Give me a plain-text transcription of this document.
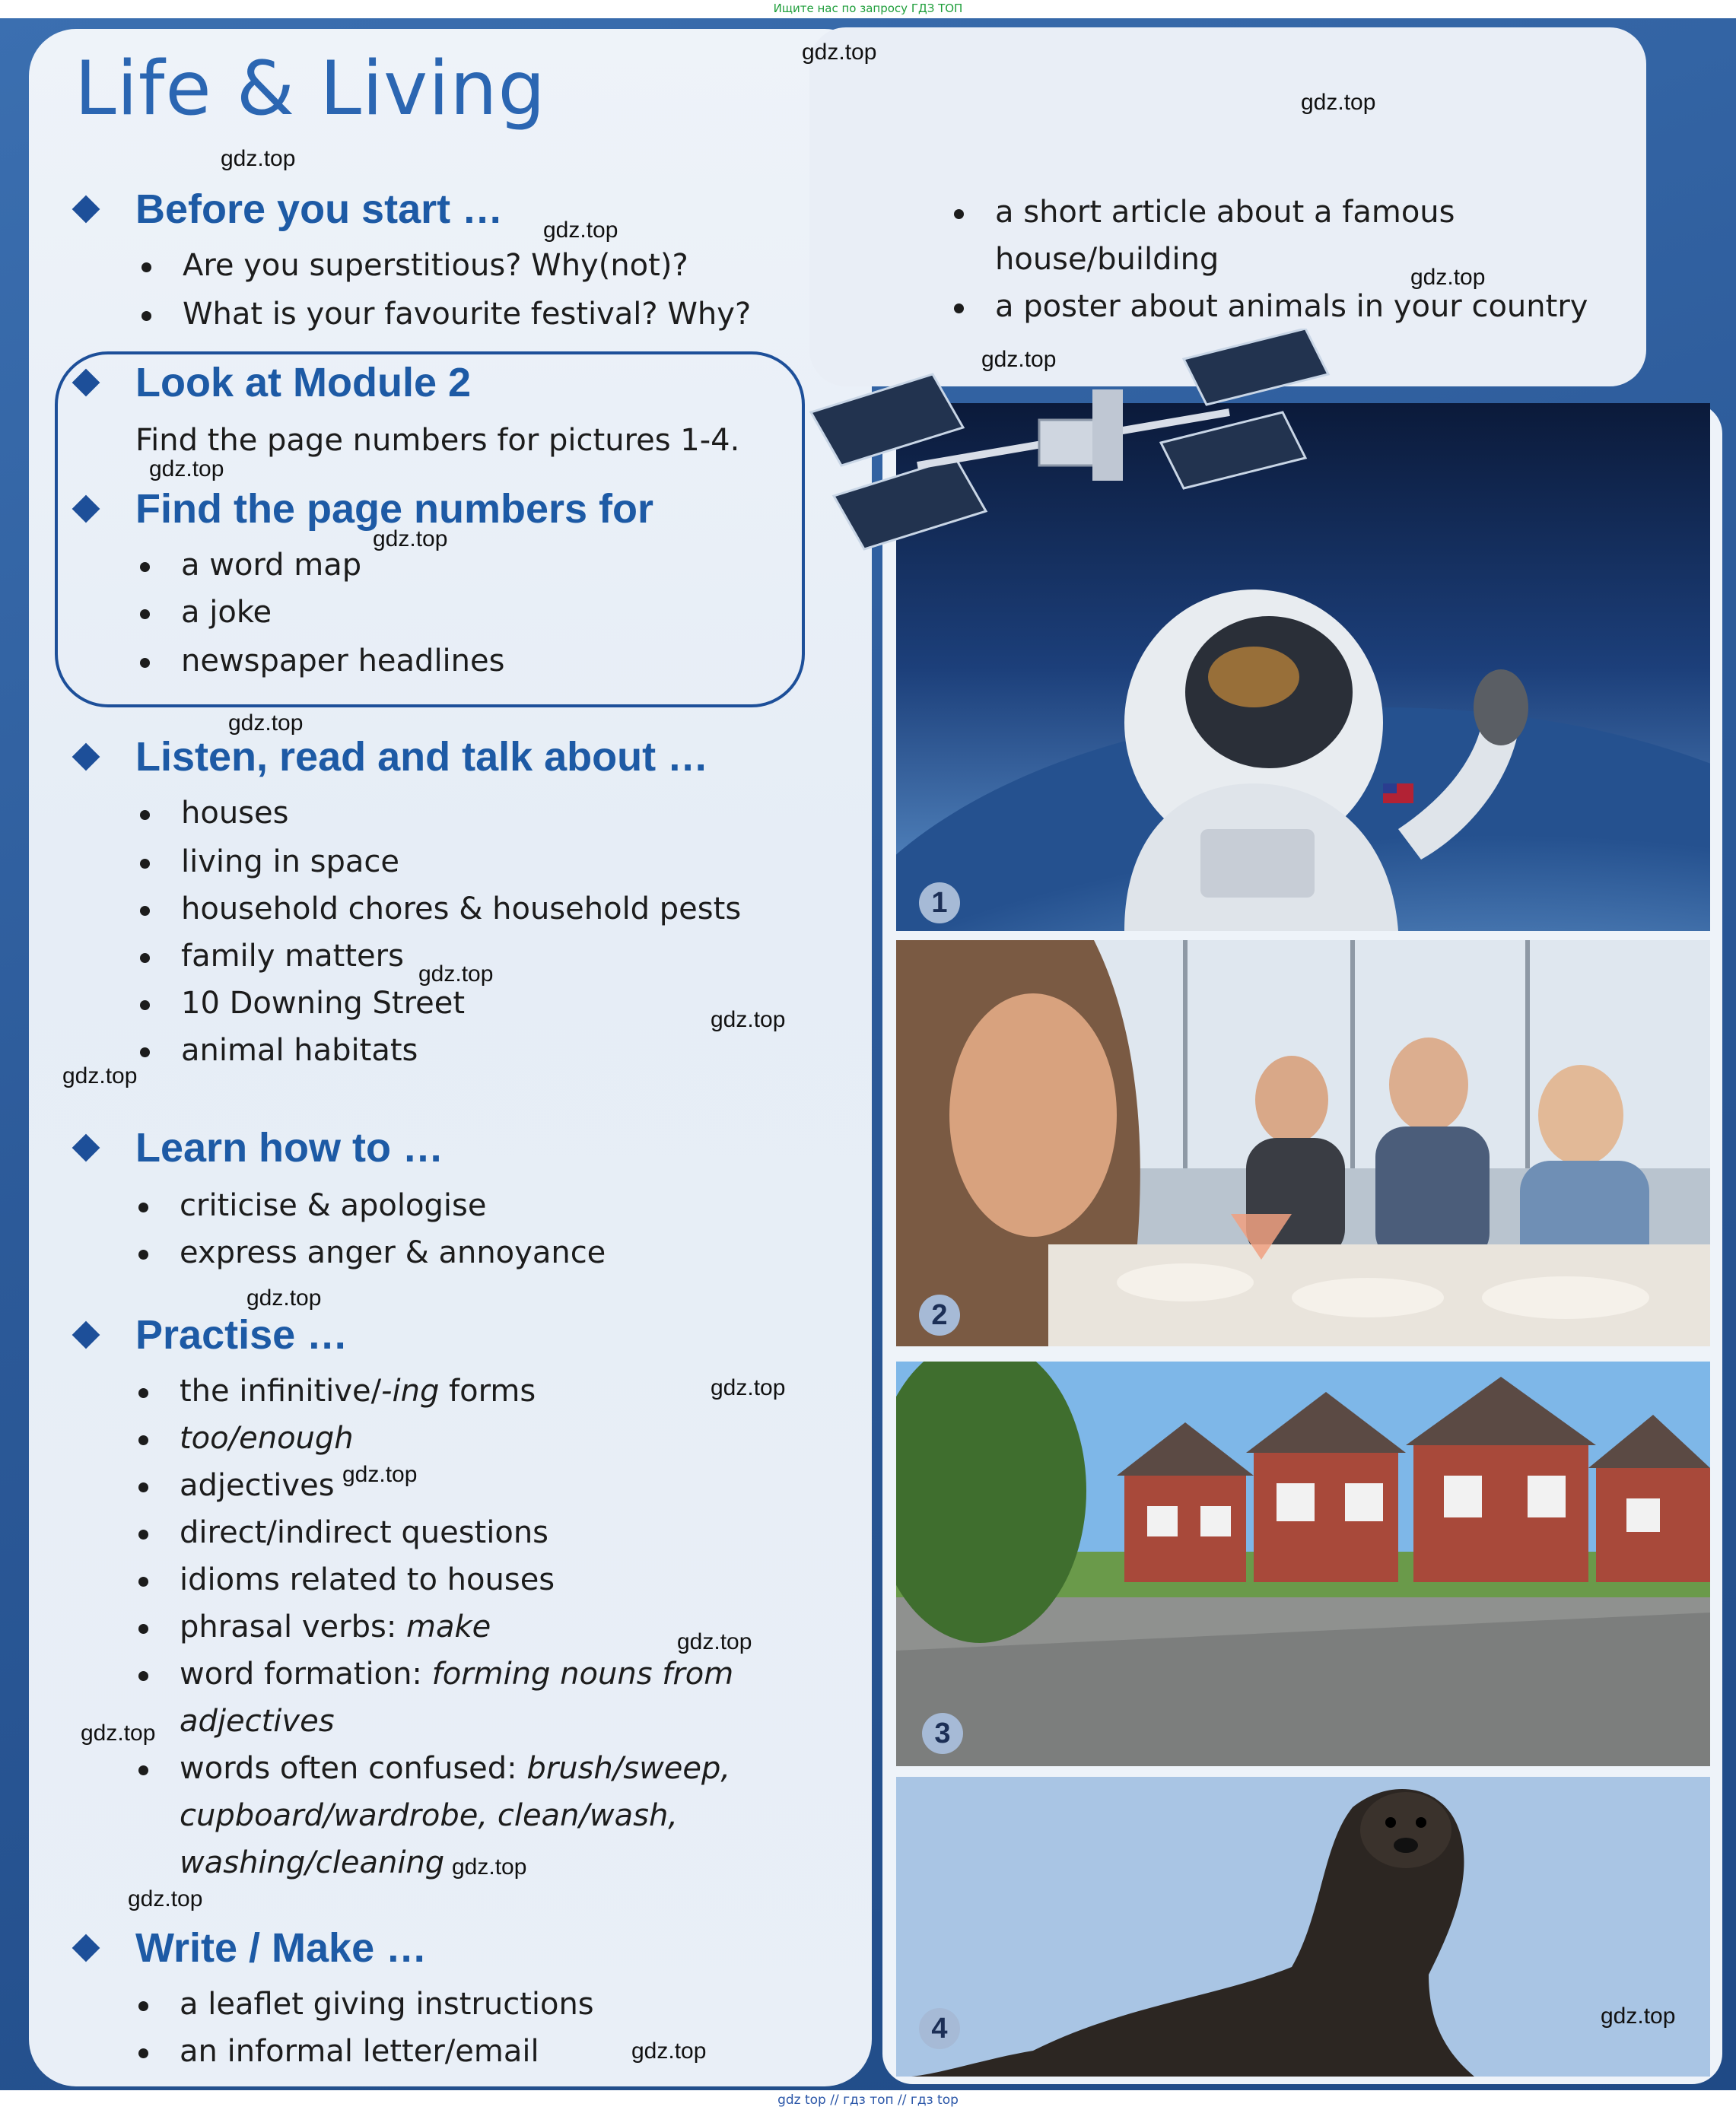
Ищите нас по запросу ГДЗ ТОП
Life & Living
Before you start …
Are you superstitious? Why(not)?
What is your favourite festival? Why?
Look at Module 2
Find the page numbers for pictures 1-4.
Find the page numbers for
a word map
a joke
newspaper headlines
Listen, read and talk about …
houses
living in space
household chores & household pests
family matters
10 Downing Street
animal habitats
Learn how to …
criticise & apologise
express anger & annoyance
Practise …
the infinitive/-ing forms
too/enough
adjectives
direct/indirect questions
idioms related to houses
phrasal verbs: make
word formation: forming nouns from
adjectives
words often confused: brush/sweep,
cupboard/wardrobe, clean/wash,
washing/cleaning
Write / Make …
a leaflet giving instructions
an informal letter/email
a short article about a famous
house/building
a poster about animals in your country
1
2
3
4
gdz.top
gdz.top
gdz.top
gdz.top
gdz.top
gdz.top
gdz.top
gdz.top
gdz.top
gdz.top
gdz.top
gdz.top
gdz.top
gdz.top
gdz.top
gdz.top
gdz.top
gdz.top
gdz.top
gdz.top
gdz.top
gdz top // гдз топ // гдз top
